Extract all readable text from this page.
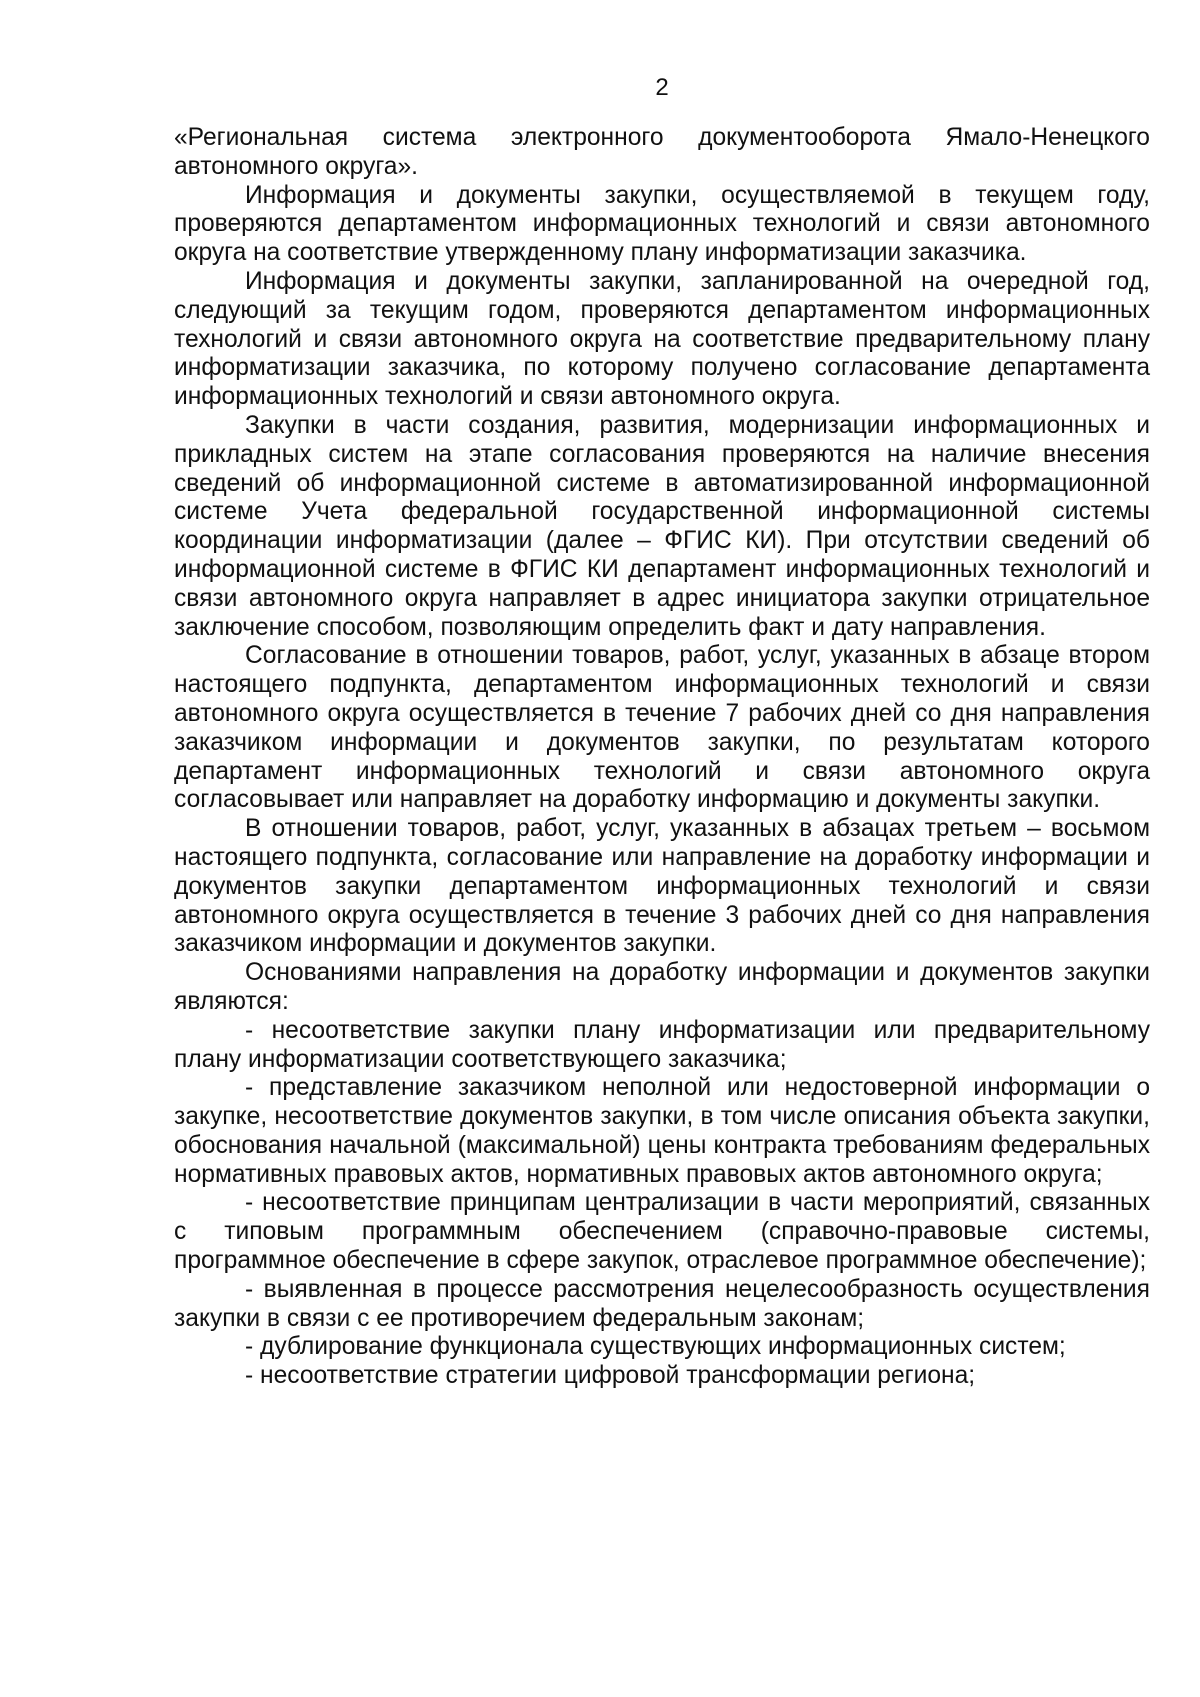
2

«Региональная система электронного документооборота Ямало-Ненецкого автономного округа».

Информация и документы закупки, осуществляемой в текущем году, проверяются департаментом информационных технологий и связи автономного округа на соответствие утвержденному плану информатизации заказчика.

Информация и документы закупки, запланированной на очередной год, следующий за текущим годом, проверяются департаментом информационных технологий и связи автономного округа на соответствие предварительному плану информатизации заказчика, по которому получено согласование департамента информационных технологий и связи автономного округа.

Закупки в части создания, развития, модернизации информационных и прикладных систем на этапе согласования проверяются на наличие внесения сведений об информационной системе в автоматизированной информационной системе Учета федеральной государственной информационной системы координации информатизации (далее – ФГИС КИ). При отсутствии сведений об информационной системе в ФГИС КИ департамент информационных технологий и связи автономного округа направляет в адрес инициатора закупки отрицательное заключение способом, позволяющим определить факт и дату направления.

Согласование в отношении товаров, работ, услуг, указанных в абзаце втором настоящего подпункта, департаментом информационных технологий и связи автономного округа осуществляется в течение 7 рабочих дней со дня направления заказчиком информации и документов закупки, по результатам которого департамент информационных технологий и связи автономного округа согласовывает или направляет на доработку информацию и документы закупки.

В отношении товаров, работ, услуг, указанных в абзацах третьем – восьмом настоящего подпункта, согласование или направление на доработку информации и документов закупки департаментом информационных технологий и связи автономного округа осуществляется в течение 3 рабочих дней со дня направления заказчиком информации и документов закупки.

Основаниями направления на доработку информации и документов закупки являются:

- несоответствие закупки плану информатизации или предварительному плану информатизации соответствующего заказчика;

- представление заказчиком неполной или недостоверной информации о закупке, несоответствие документов закупки, в том числе описания объекта закупки, обоснования начальной (максимальной) цены контракта требованиям федеральных нормативных правовых актов, нормативных правовых актов автономного округа;

- несоответствие принципам централизации в части мероприятий, связанных с типовым программным обеспечением (справочно-правовые системы, программное обеспечение в сфере закупок, отраслевое программное обеспечение);

- выявленная в процессе рассмотрения нецелесообразность осуществления закупки в связи с ее противоречием федеральным законам;

- дублирование функционала существующих информационных систем;

- несоответствие стратегии цифровой трансформации региона;
